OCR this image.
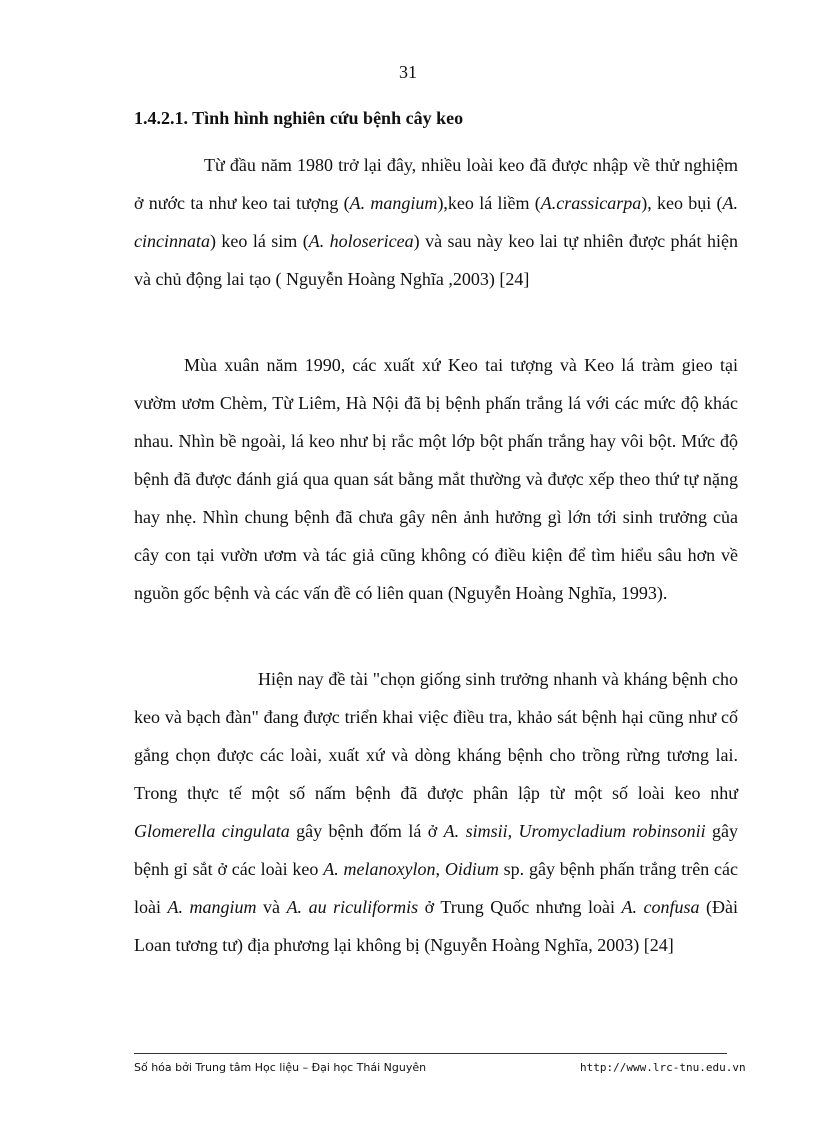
31
1.4.2.1. Tình hình nghiên cứu bệnh cây keo

Từ đầu năm 1980 trở lại đây, nhiều loài keo đã được nhập về thử nghiệm ở nước ta như keo tai tượng (A. mangium),keo lá liềm (A.crassicarpa), keo bụi (A. cincinnata) keo lá sim (A. holosericea) và sau này keo lai tự nhiên được phát hiện và chủ động lai tạo ( Nguyễn Hoàng Nghĩa ,2003) [24]

Mùa xuân năm 1990, các xuất xứ Keo tai tượng và Keo lá tràm gieo tại vườm ươm Chèm, Từ Liêm, Hà Nội đã bị bệnh phấn trắng lá với các mức độ khác nhau. Nhìn bề ngoài, lá keo như bị rắc một lớp bột phấn trắng hay vôi bột. Mức độ bệnh đã được đánh giá qua quan sát bằng mắt thường và được xếp theo thứ tự nặng hay nhẹ. Nhìn chung bệnh đã chưa gây nên ảnh hưởng gì lớn tới sinh trưởng của cây con tại vườn ươm và tác giả cũng không có điều kiện để tìm hiểu sâu hơn về nguồn gốc bệnh và các vấn đề có liên quan (Nguyễn Hoàng Nghĩa, 1993).

Hiện nay đề tài "chọn giống sinh trưởng nhanh và kháng bệnh cho keo và bạch đàn" đang được triển khai việc điều tra, khảo sát bệnh hại cũng như cố gắng chọn được các loài, xuất xứ và dòng kháng bệnh cho trồng rừng tương lai. Trong thực tế một số nấm bệnh đã được phân lập từ một số loài keo như Glomerella cingulata gây bệnh đốm lá ở A. simsii, Uromycladium robinsonii gây bệnh gỉ sắt ở các loài keo A. melanoxylon, Oidium sp. gây bệnh phấn trắng trên các loài A. mangium và A. au riculiformis ở Trung Quốc nhưng loài A. confusa (Đài Loan tương tư) địa phương lại không bị (Nguyễn Hoàng Nghĩa, 2003) [24]

Số hóa bởi Trung tâm Học liệu – Đại học Thái Nguyên	http://www.lrc-tnu.edu.vn
